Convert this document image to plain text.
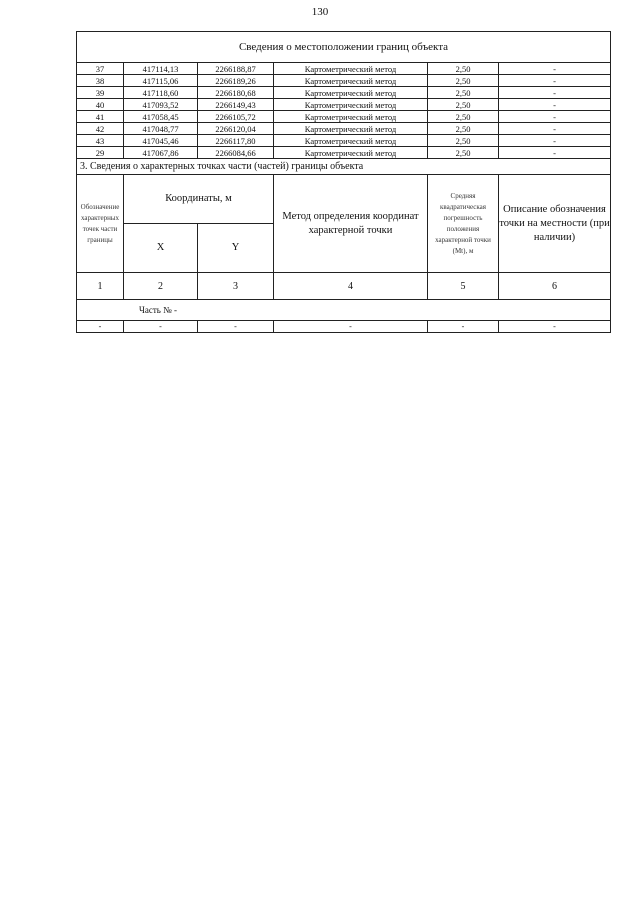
130
Сведения о местоположении границ объекта					
37	417114,13	2266188,87	Картометрический метод	2,50	-
38	417115,06	2266189,26	Картометрический метод	2,50	-
39	417118,60	2266180,68	Картометрический метод	2,50	-
40	417093,52	2266149,43	Картометрический метод	2,50	-
41	417058,45	2266105,72	Картометрический метод	2,50	-
42	417048,77	2266120,04	Картометрический метод	2,50	-
43	417045,46	2266117,80	Картометрический метод	2,50	-
29	417067,86	2266084,66	Картометрический метод	2,50	-
3. Сведения о характерных точках части (частей) границы объекта					
Обозначение характерных точек части границы	Координаты, м		Метод определения координат характерной точки	Средняя квадратическая погрешность положения характерной точки (Mt), м	Описание обозначения точки на местности (при наличии)
	X	Y			
1	2	3	4	5	6
Часть № -					
-	-	-	-	-	-
